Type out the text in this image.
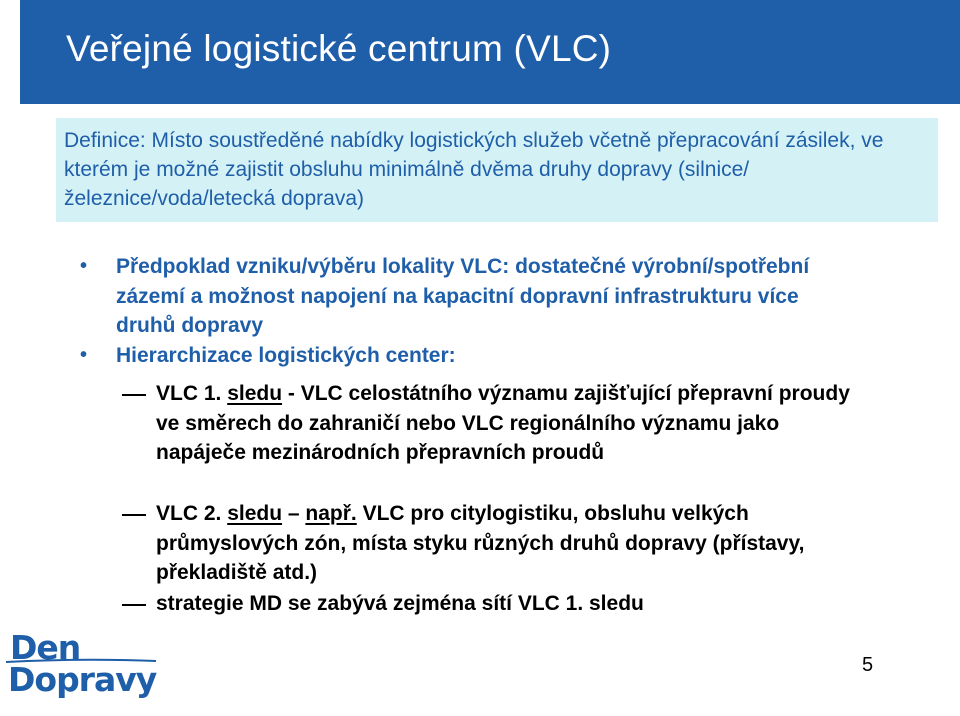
Veřejné logistické centrum (VLC)

Definice: Místo soustředěné nabídky logistických služeb včetně přepracování zásilek, ve kterém je možné zajistit obsluhu minimálně dvěma druhy dopravy (silnice/železnice/voda/letecká doprava)

• Předpoklad vzniku/výběru lokality VLC: dostatečné výrobní/spotřební zázemí a možnost napojení na kapacitní dopravní infrastrukturu více druhů dopravy
• Hierarchizace logistických center:
VLC 1. sledu - VLC celostátního významu zajišťující přepravní proudy ve směrech do zahraničí nebo VLC regionálního významu jako napáječe mezinárodních přepravních proudů
VLC 2. sledu – např. VLC pro citylogistiku, obsluhu velkých průmyslových zón, místa styku různých druhů dopravy (přístavy, překladiště atd.)
strategie MD se zabývá zejména sítí VLC 1. sledu
Den
Dopravy	5
